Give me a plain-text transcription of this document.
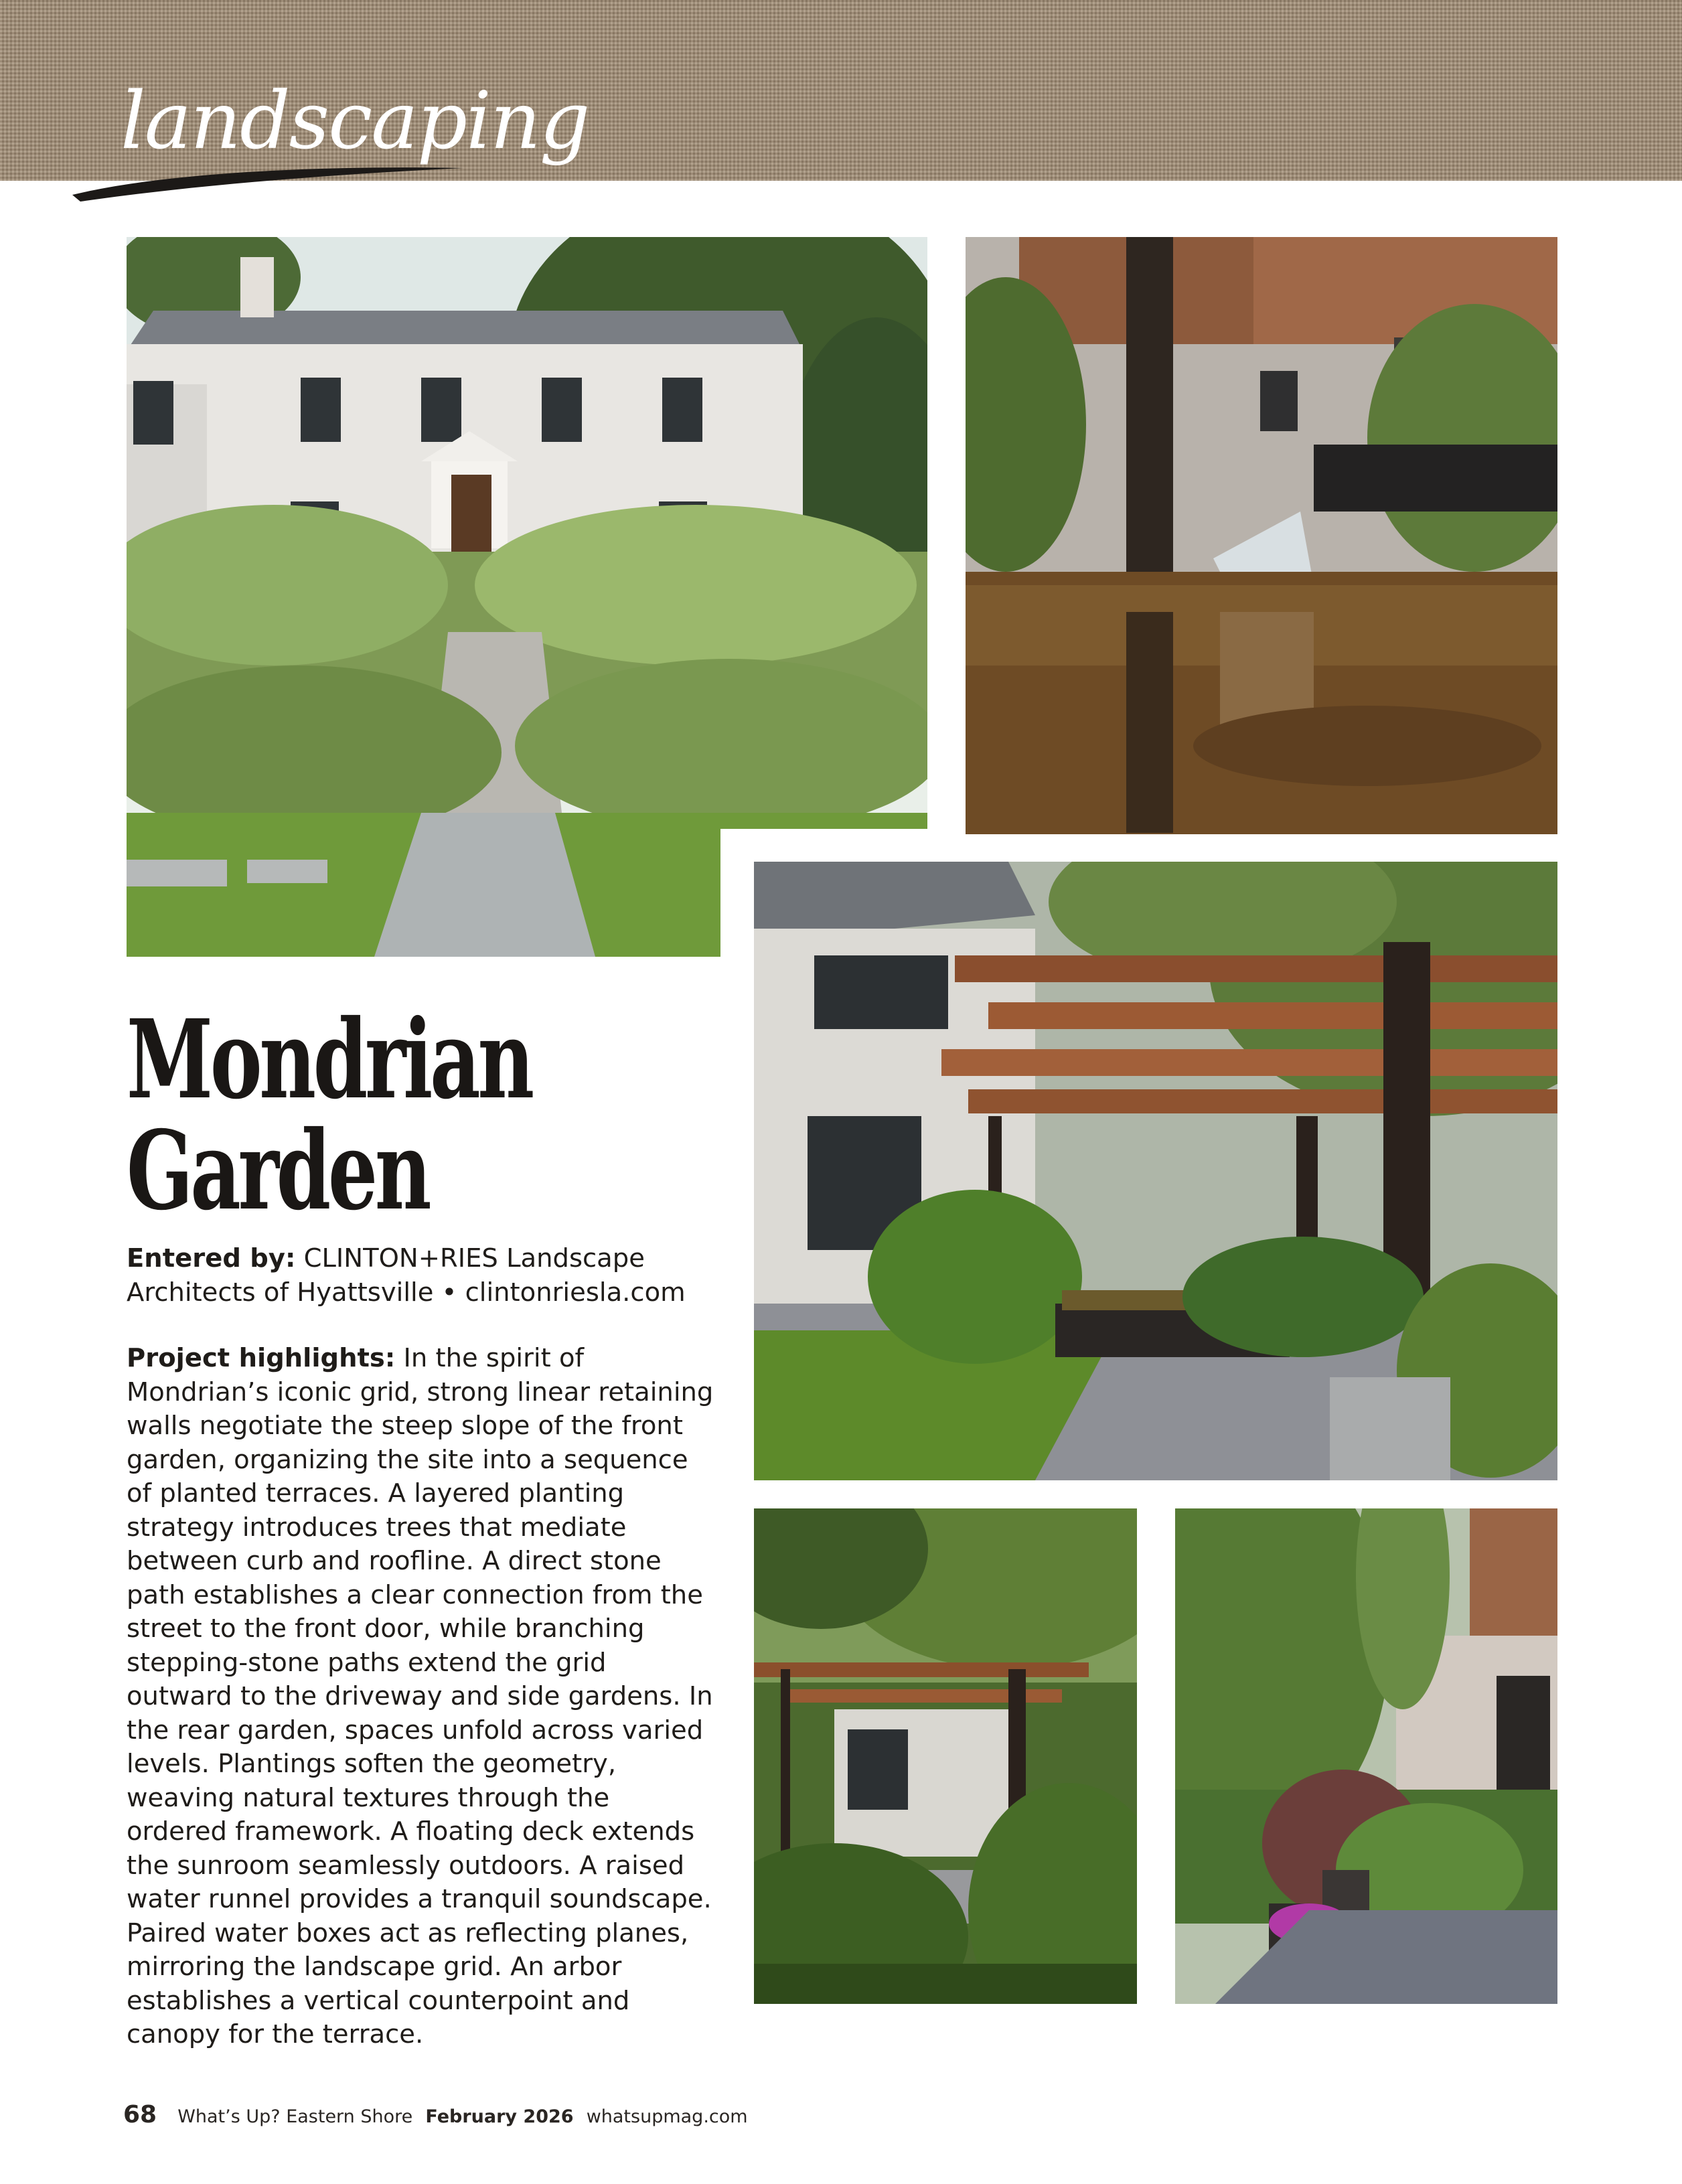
landscaping
Mondrian
Garden
Entered by: CLINTON+RIES Landscape Architects of Hyattsville • clintonriesla.com
Project highlights: In the spirit of Mondrian’s iconic grid, strong linear retaining walls negotiate the steep slope of the front garden, organizing the site into a sequence of planted terraces. A layered planting strategy introduces trees that mediate between curb and roofline. A direct stone path establishes a clear connection from the street to the front door, while branching stepping-stone paths extend the grid outward to the driveway and side gardens. In the rear garden, spaces unfold across varied levels. Plantings soften the geometry, weaving natural textures through the ordered framework. A floating deck extends the sunroom seamlessly outdoors. A raised water runnel provides a tranquil soundscape. Paired water boxes act as reflecting planes, mirroring the landscape grid. An arbor establishes a vertical counterpoint and canopy for the terrace.
68 What’s Up? Eastern Shore February 2026 whatsupmag.com
